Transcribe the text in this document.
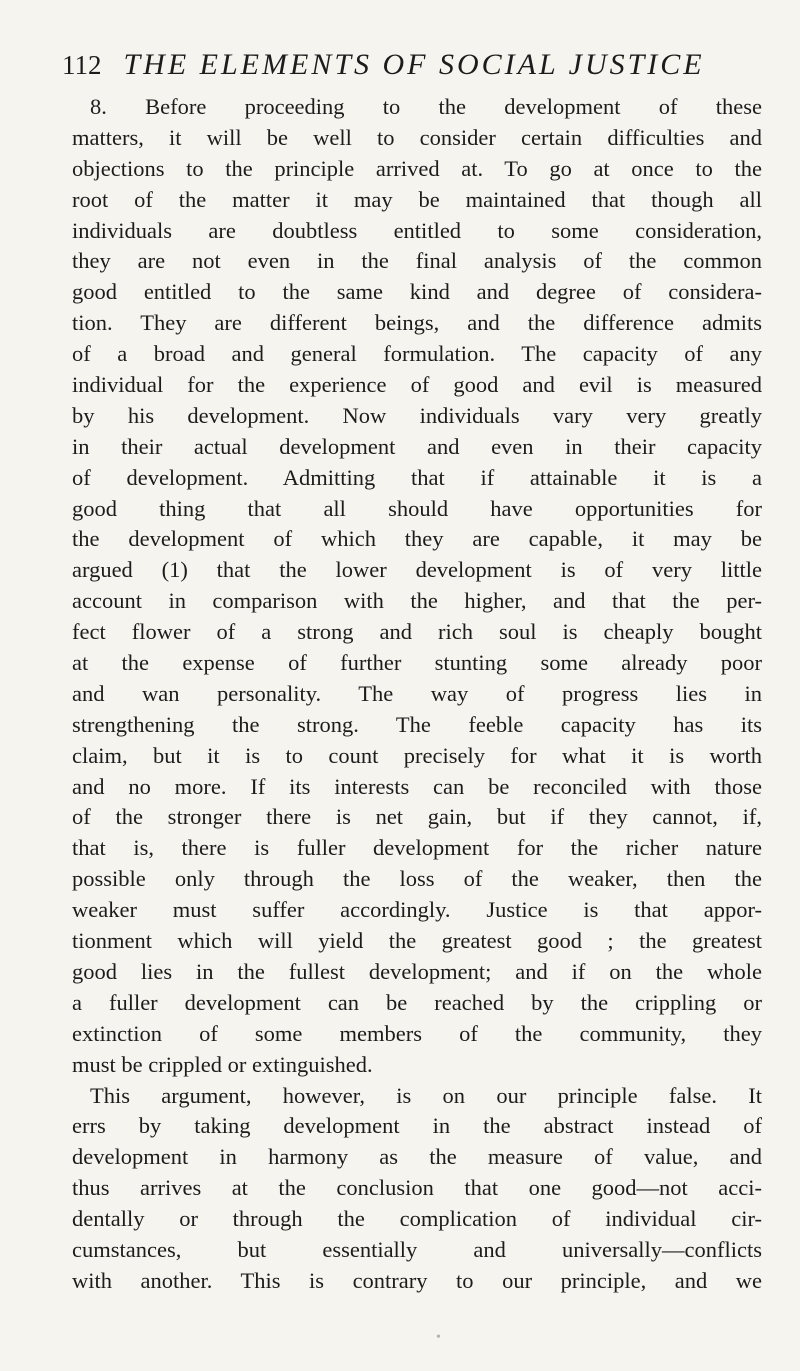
112 THE ELEMENTS OF SOCIAL JUSTICE
8. Before proceeding to the development of these
matters, it will be well to consider certain difficulties and
objections to the principle arrived at. To go at once to the
root of the matter it may be maintained that though all
individuals are doubtless entitled to some consideration,
they are not even in the final analysis of the common
good entitled to the same kind and degree of considera-
tion. They are different beings, and the difference admits
of a broad and general formulation. The capacity of any
individual for the experience of good and evil is measured
by his development. Now individuals vary very greatly
in their actual development and even in their capacity
of development. Admitting that if attainable it is a
good thing that all should have opportunities for
the development of which they are capable, it may be
argued (1) that the lower development is of very little
account in comparison with the higher, and that the per-
fect flower of a strong and rich soul is cheaply bought
at the expense of further stunting some already poor
and wan personality. The way of progress lies in
strengthening the strong. The feeble capacity has its
claim, but it is to count precisely for what it is worth
and no more. If its interests can be reconciled with those
of the stronger there is net gain, but if they cannot, if,
that is, there is fuller development for the richer nature
possible only through the loss of the weaker, then the
weaker must suffer accordingly. Justice is that appor-
tionment which will yield the greatest good ; the greatest
good lies in the fullest development; and if on the whole
a fuller development can be reached by the crippling or
extinction of some members of the community, they
must be crippled or extinguished.
This argument, however, is on our principle false. It
errs by taking development in the abstract instead of
development in harmony as the measure of value, and
thus arrives at the conclusion that one good—not acci-
dentally or through the complication of individual cir-
cumstances, but essentially and universally—conflicts
with another. This is contrary to our principle, and we
•
